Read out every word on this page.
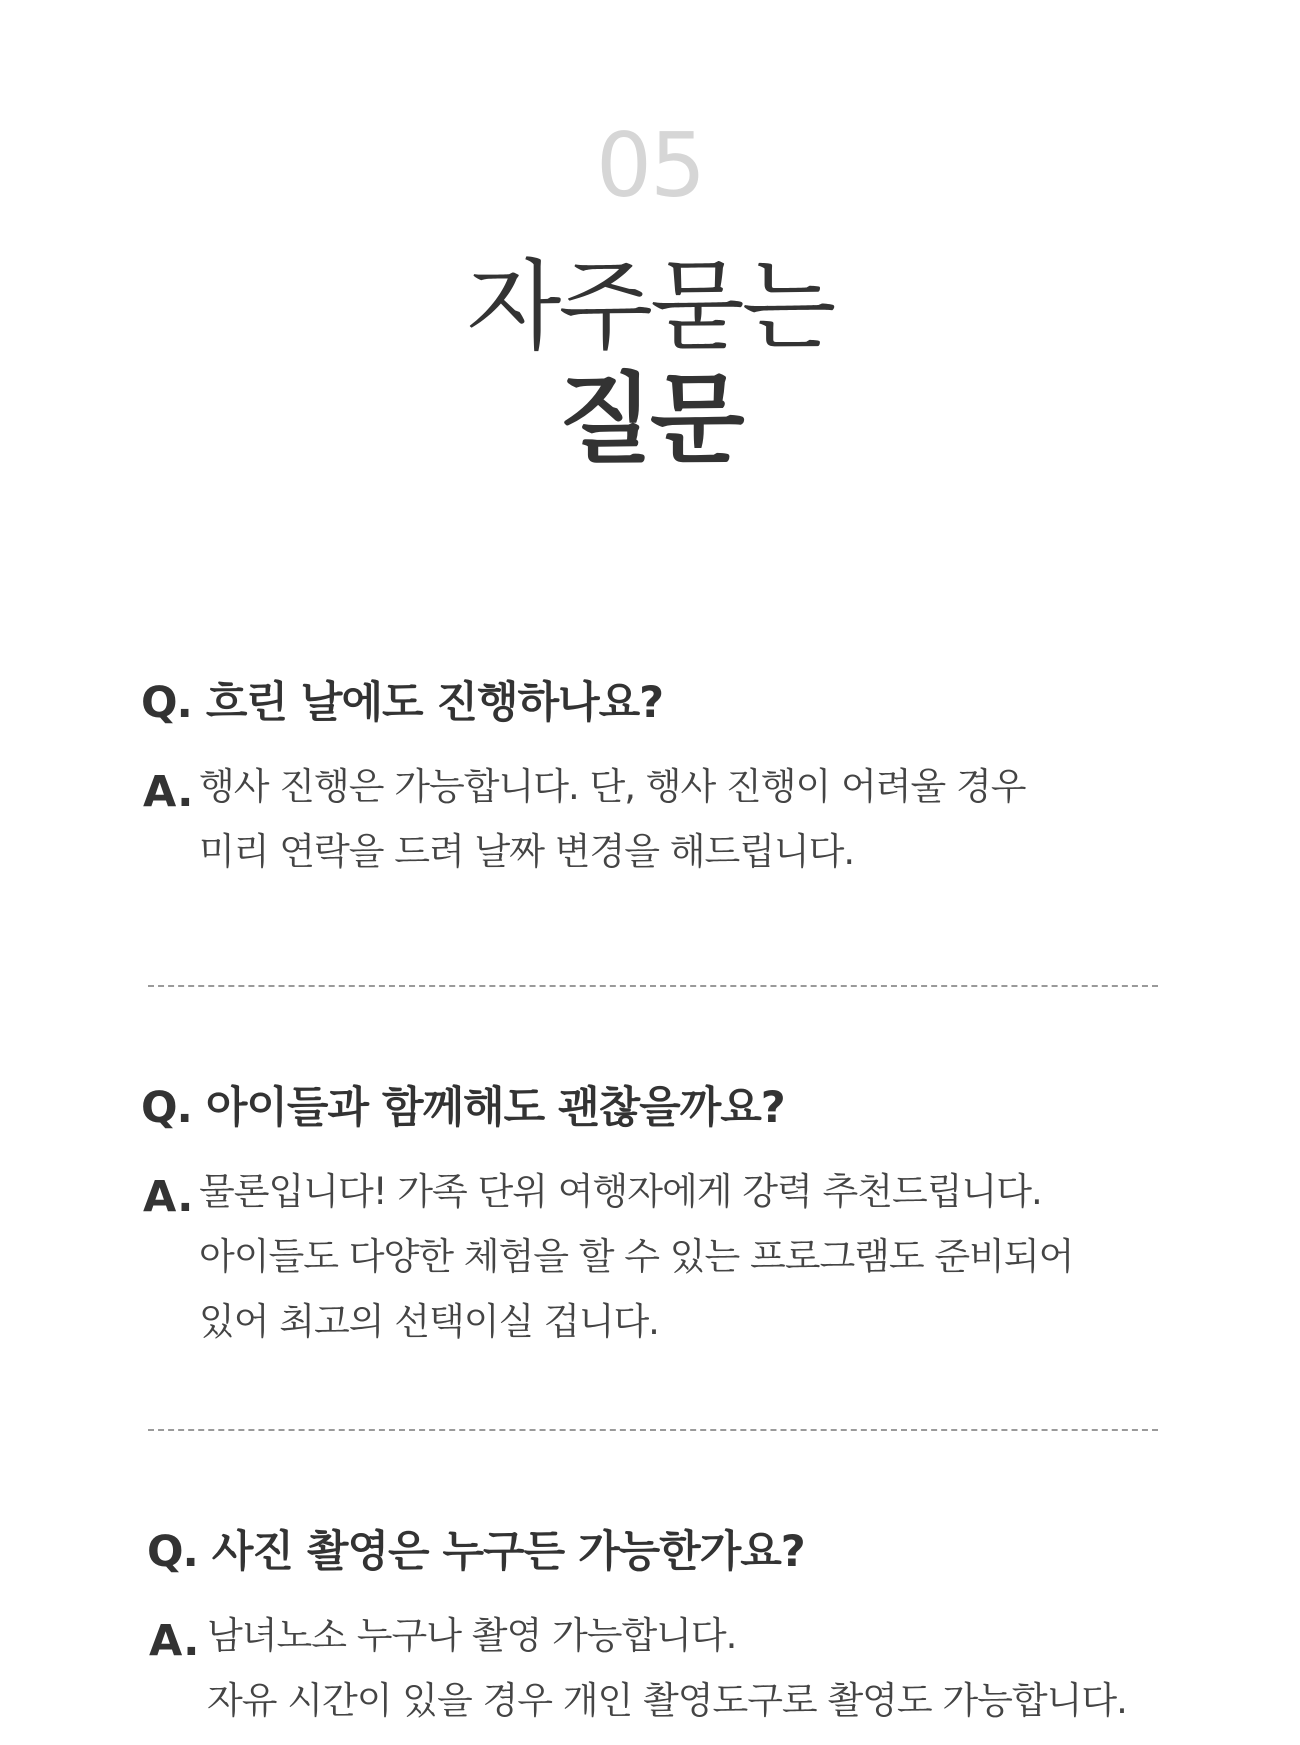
05
자주묻는
질문
Q. 흐린 날에도 진행하나요?
A. 행사 진행은 가능합니다. 단, 행사 진행이 어려울 경우
미리 연락을 드려 날짜 변경을 해드립니다.
Q. 아이들과 함께해도 괜찮을까요?
A. 물론입니다! 가족 단위 여행자에게 강력 추천드립니다.
아이들도 다양한 체험을 할 수 있는 프로그램도 준비되어
있어 최고의 선택이실 겁니다.
Q. 사진 촬영은 누구든 가능한가요?
A. 남녀노소 누구나 촬영 가능합니다.
자유 시간이 있을 경우 개인 촬영도구로 촬영도 가능합니다.
